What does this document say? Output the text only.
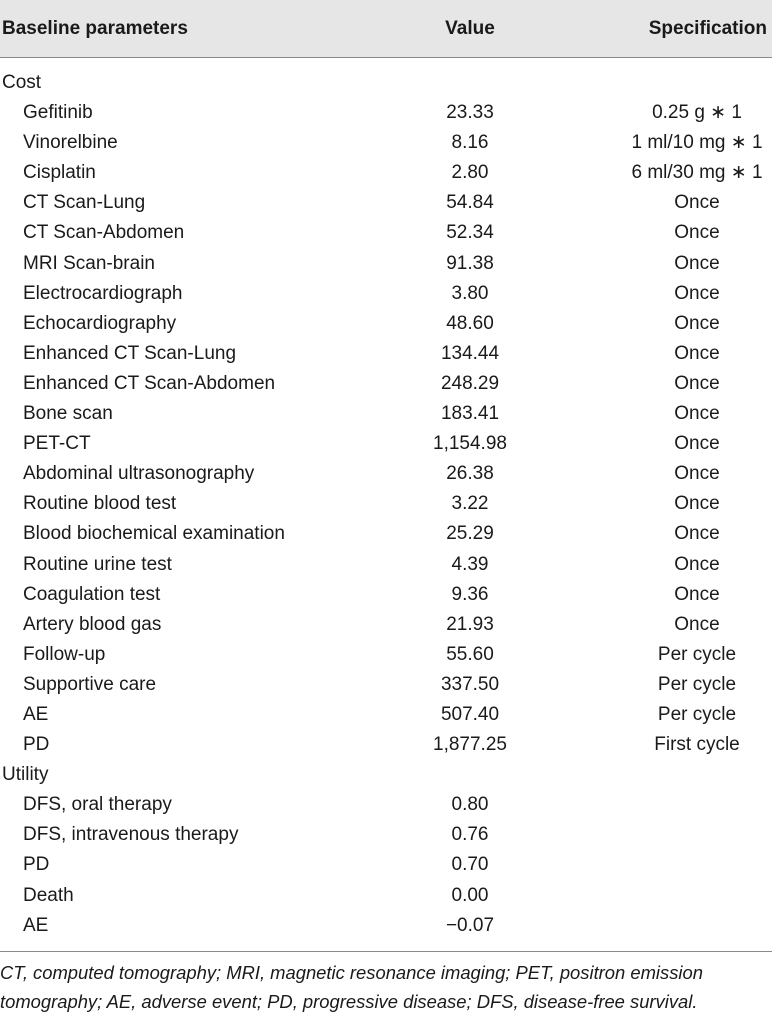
Baseline parameters	Value	Specification
Cost
Gefitinib	23.33	0.25 g ∗ 1
Vinorelbine	8.16	1 ml/10 mg ∗ 1
Cisplatin	2.80	6 ml/30 mg ∗ 1
CT Scan-Lung	54.84	Once
CT Scan-Abdomen	52.34	Once
MRI Scan-brain	91.38	Once
Electrocardiograph	3.80	Once
Echocardiography	48.60	Once
Enhanced CT Scan-Lung	134.44	Once
Enhanced CT Scan-Abdomen	248.29	Once
Bone scan	183.41	Once
PET-CT	1,154.98	Once
Abdominal ultrasonography	26.38	Once
Routine blood test	3.22	Once
Blood biochemical examination	25.29	Once
Routine urine test	4.39	Once
Coagulation test	9.36	Once
Artery blood gas	21.93	Once
Follow-up	55.60	Per cycle
Supportive care	337.50	Per cycle
AE	507.40	Per cycle
PD	1,877.25	First cycle
Utility
DFS, oral therapy	0.80
DFS, intravenous therapy	0.76
PD	0.70
Death	0.00
AE	−0.07
CT, computed tomography; MRI, magnetic resonance imaging; PET, positron emission tomography; AE, adverse event; PD, progressive disease; DFS, disease-free survival.
